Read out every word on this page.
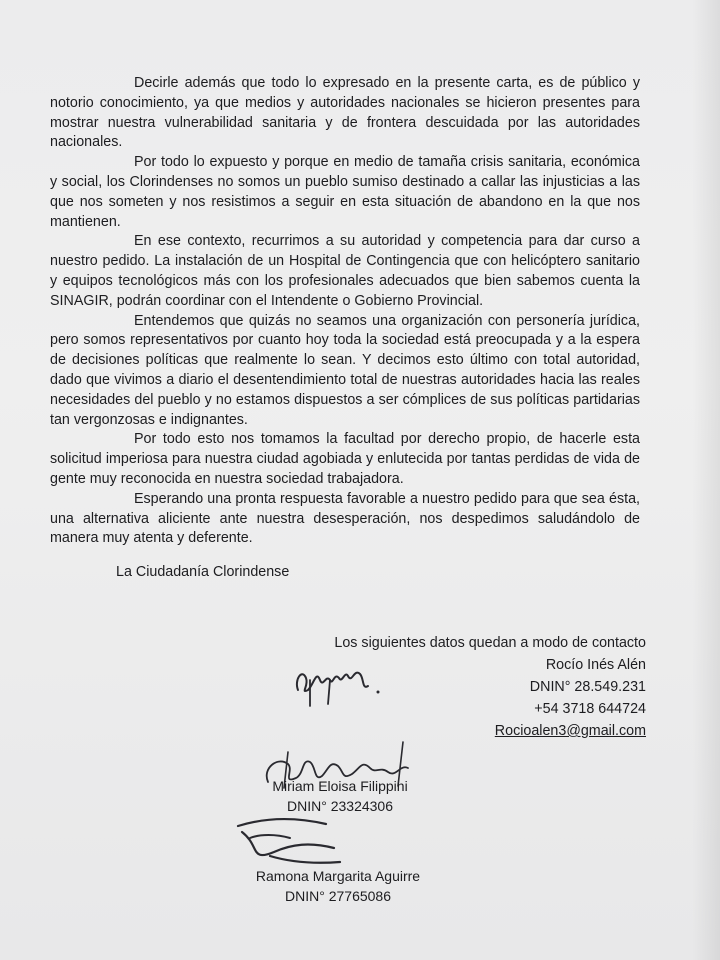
Decirle además que todo lo expresado en la presente carta, es de público y notorio conocimiento, ya que medios y autoridades nacionales se hicieron presentes para mostrar nuestra vulnerabilidad sanitaria y de frontera descuidada por las autoridades nacionales.

Por todo lo expuesto y porque en medio de tamaña crisis sanitaria, económica y social, los Clorindenses no somos un pueblo sumiso destinado a callar las injusticias a las que nos someten y nos resistimos a seguir en esta situación de abandono en la que nos mantienen.

En ese contexto, recurrimos a su autoridad y competencia para dar curso a nuestro pedido. La instalación de un Hospital de Contingencia que con helicóptero sanitario y equipos tecnológicos más con los profesionales adecuados que bien sabemos cuenta la SINAGIR, podrán coordinar con el Intendente o Gobierno Provincial.

Entendemos que quizás no seamos una organización con personería jurídica, pero somos representativos por cuanto hoy toda la sociedad está preocupada y a la espera de decisiones políticas que realmente lo sean. Y decimos esto último con total autoridad, dado que vivimos a diario el desentendimiento total de nuestras autoridades hacia las reales necesidades del pueblo y no estamos dispuestos a ser cómplices de sus políticas partidarias tan vergonzosas e indignantes.

Por todo esto nos tomamos la facultad por derecho propio, de hacerle esta solicitud imperiosa para nuestra ciudad agobiada y enlutecida por tantas perdidas de vida de gente muy reconocida en nuestra sociedad trabajadora.

Esperando una pronta respuesta favorable a nuestro pedido para que sea ésta, una alternativa aliciente ante nuestra desesperación, nos despedimos saludándolo de manera muy atenta y deferente.

La Ciudadanía Clorindense
Los siguientes datos quedan a modo de contacto
Rocío Inés Alén
DNIN° 28.549.231
+54 3718 644724
Rocioalen3@gmail.com
Miriam Eloisa Filippini
DNIN° 23324306
Ramona Margarita Aguirre
DNIN° 27765086
